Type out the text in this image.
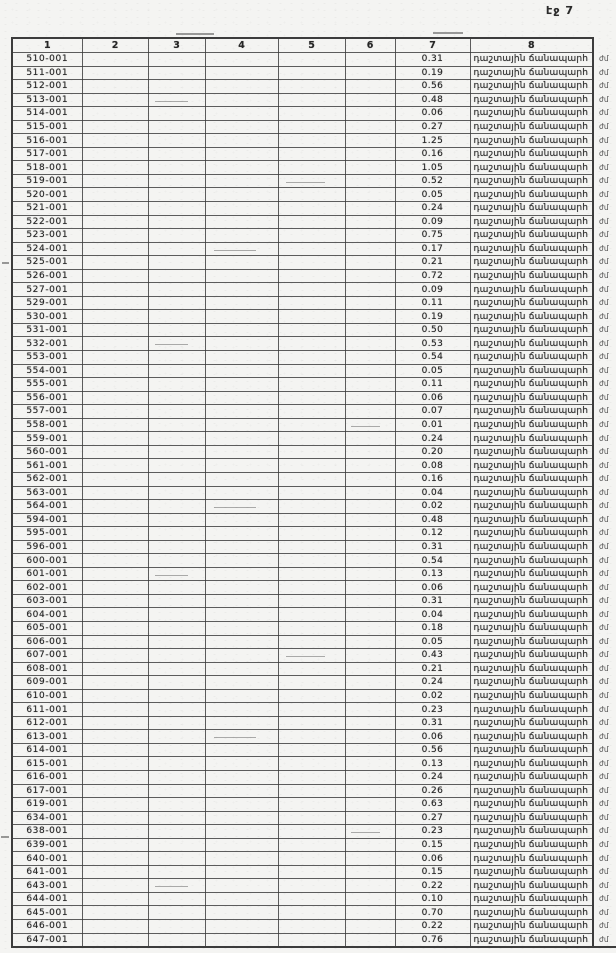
էջ 7
1	2	3	4	5	6	7	8	
510-001						0.31	դաշտային ճանապարհ	ժմ
511-001						0.19	դաշտային ճանապարհ	ժմ
512-001						0.56	դաշտային ճանապարհ	ժմ
513-001						0.48	դաշտային ճանապարհ	ժմ
514-001						0.06	դաշտային ճանապարհ	ժմ
515-001						0.27	դաշտային ճանապարհ	ժմ
516-001						1.25	դաշտային ճանապարհ	ժմ
517-001						0.16	դաշտային ճանապարհ	ժմ
518-001						1.05	դաշտային ճանապարհ	ժմ
519-001						0.52	դաշտային ճանապարհ	ժմ
520-001						0.05	դաշտային ճանապարհ	ժմ
521-001						0.24	դաշտային ճանապարհ	ժմ
522-001						0.09	դաշտային ճանապարհ	ժմ
523-001						0.75	դաշտային ճանապարհ	ժմ
524-001						0.17	դաշտային ճանապարհ	ժմ
525-001						0.21	դաշտային ճանապարհ	ժմ
526-001						0.72	դաշտային ճանապարհ	ժմ
527-001						0.09	դաշտային ճանապարհ	ժմ
529-001						0.11	դաշտային ճանապարհ	ժմ
530-001						0.19	դաշտային ճանապարհ	ժմ
531-001						0.50	դաշտային ճանապարհ	ժմ
532-001						0.53	դաշտային ճանապարհ	ժմ
553-001						0.54	դաշտային ճանապարհ	ժմ
554-001						0.05	դաշտային ճանապարհ	ժմ
555-001						0.11	դաշտային ճանապարհ	ժմ
556-001						0.06	դաշտային ճանապարհ	ժմ
557-001						0.07	դաշտային ճանապարհ	ժմ
558-001						0.01	դաշտային ճանապարհ	ժմ
559-001						0.24	դաշտային ճանապարհ	ժմ
560-001						0.20	դաշտային ճանապարհ	ժմ
561-001						0.08	դաշտային ճանապարհ	ժմ
562-001						0.16	դաշտային ճանապարհ	ժմ
563-001						0.04	դաշտային ճանապարհ	ժմ
564-001						0.02	դաշտային ճանապարհ	ժմ
594-001						0.48	դաշտային ճանապարհ	ժմ
595-001						0.12	դաշտային ճանապարհ	ժմ
596-001						0.31	դաշտային ճանապարհ	ժմ
600-001						0.54	դաշտային ճանապարհ	ժմ
601-001						0.13	դաշտային ճանապարհ	ժմ
602-001						0.06	դաշտային ճանապարհ	ժմ
603-001						0.31	դաշտային ճանապարհ	ժմ
604-001						0.04	դաշտային ճանապարհ	ժմ
605-001						0.18	դաշտային ճանապարհ	ժմ
606-001						0.05	դաշտային ճանապարհ	ժմ
607-001						0.43	դաշտային ճանապարհ	ժմ
608-001						0.21	դաշտային ճանապարհ	ժմ
609-001						0.24	դաշտային ճանապարհ	ժմ
610-001						0.02	դաշտային ճանապարհ	ժմ
611-001						0.23	դաշտային ճանապարհ	ժմ
612-001						0.31	դաշտային ճանապարհ	ժմ
613-001						0.06	դաշտային ճանապարհ	ժմ
614-001						0.56	դաշտային ճանապարհ	ժմ
615-001						0.13	դաշտային ճանապարհ	ժմ
616-001						0.24	դաշտային ճանապարհ	ժմ
617-001						0.26	դաշտային ճանապարհ	ժմ
619-001						0.63	դաշտային ճանապարհ	ժմ
634-001						0.27	դաշտային ճանապարհ	ժմ
638-001						0.23	դաշտային ճանապարհ	ժմ
639-001						0.15	դաշտային ճանապարհ	ժմ
640-001						0.06	դաշտային ճանապարհ	ժմ
641-001						0.15	դաշտային ճանապարհ	ժմ
643-001						0.22	դաշտային ճանապարհ	ժմ
644-001						0.10	դաշտային ճանապարհ	ժմ
645-001						0.70	դաշտային ճանապարհ	ժմ
646-001						0.22	դաշտային ճանապարհ	ժմ
647-001						0.76	դաշտային ճանապարհ	ժմ
